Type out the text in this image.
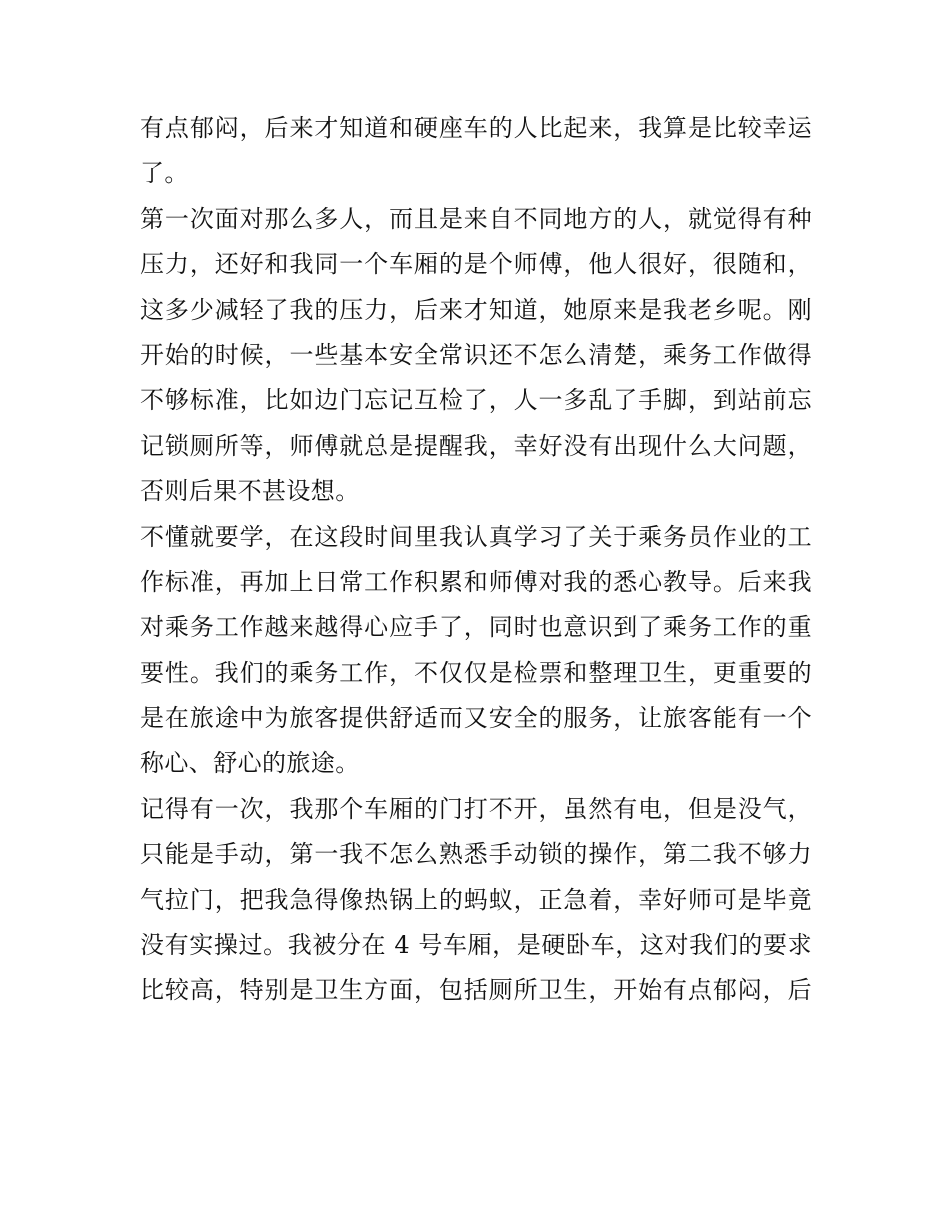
有点郁闷，后来才知道和硬座车的人比起来，我算是比较幸运
了。
第一次面对那么多人，而且是来自不同地方的人，就觉得有种
压力，还好和我同一个车厢的是个师傅，他人很好，很随和，
这多少减轻了我的压力，后来才知道，她原来是我老乡呢。刚
开始的时候，一些基本安全常识还不怎么清楚，乘务工作做得
不够标准，比如边门忘记互检了，人一多乱了手脚，到站前忘
记锁厕所等，师傅就总是提醒我，幸好没有出现什么大问题，
否则后果不甚设想。
不懂就要学，在这段时间里我认真学习了关于乘务员作业的工
作标准，再加上日常工作积累和师傅对我的悉心教导。后来我
对乘务工作越来越得心应手了，同时也意识到了乘务工作的重
要性。我们的乘务工作，不仅仅是检票和整理卫生，更重要的
是在旅途中为旅客提供舒适而又安全的服务，让旅客能有一个
称心、舒心的旅途。
记得有一次，我那个车厢的门打不开，虽然有电，但是没气，
只能是手动，第一我不怎么熟悉手动锁的操作，第二我不够力
气拉门，把我急得像热锅上的蚂蚁，正急着，幸好师可是毕竟
没有实操过。我被分在 4 号车厢，是硬卧车，这对我们的要求
比较高，特别是卫生方面，包括厕所卫生，开始有点郁闷，后
